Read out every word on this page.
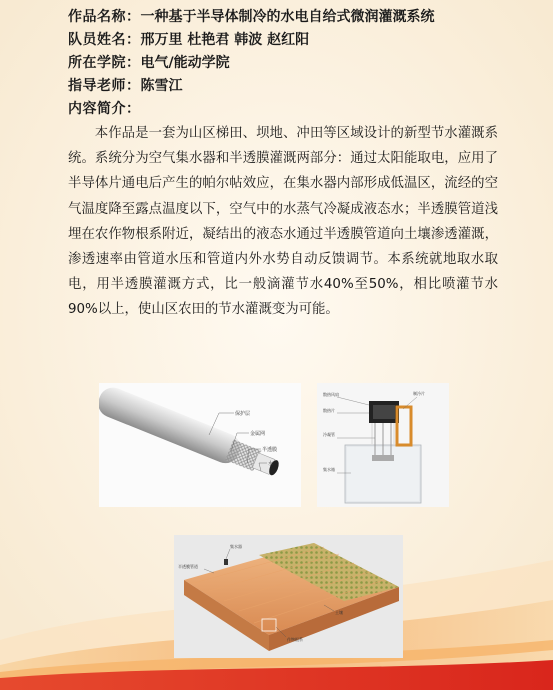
作品名称：一种基于半导体制冷的水电自给式微润灌溉系统
队员姓名：邢万里 杜艳君 韩波 赵红阳
所在学院：电气/能动学院
指导老师：陈雪江
内容简介：

本作品是一套为山区梯田、坝地、冲田等区域设计的新型节水灌溉系统。系统分为空气集水器和半透膜灌溉两部分：通过太阳能取电，应用了半导体片通电后产生的帕尔帖效应，在集水器内部形成低温区，流经的空气温度降至露点温度以下，空气中的水蒸气冷凝成液态水；半透膜管道浅埋在农作物根系附近，凝结出的液态水通过半透膜管道向土壤渗透灌溉，渗透速率由管道水压和管道内外水势自动反馈调节。本系统就地取水取电，用半透膜灌溉方式，比一般滴灌节水40%至50%，相比喷灌节水90%以上，使山区农田的节水灌溉变为可能。

保护层
金属网
半透膜
水
散热风扇
散热片
制冷片
冷凝管
集水箱
集水器
半透膜管道
土壤
作物根系
